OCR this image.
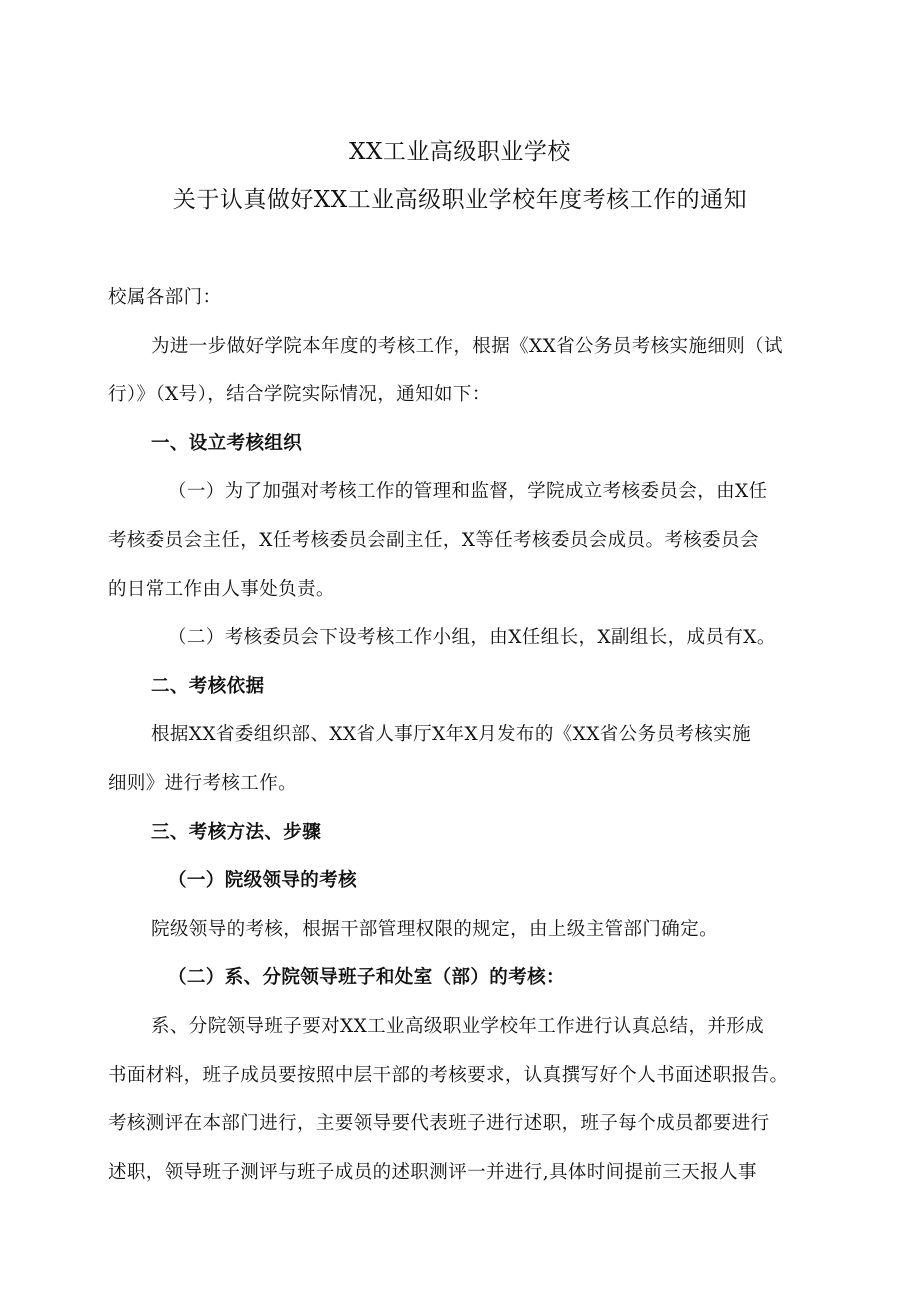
XX工业高级职业学校
关于认真做好XX工业高级职业学校年度考核工作的通知
校属各部门：
为进一步做好学院本年度的考核工作，根据《XX省公务员考核实施细则（试
行）》（X号），结合学院实际情况，通知如下：
一、设立考核组织
（一）为了加强对考核工作的管理和监督，学院成立考核委员会，由X任
考核委员会主任，X任考核委员会副主任，X等任考核委员会成员。考核委员会
的日常工作由人事处负责。
（二）考核委员会下设考核工作小组，由X任组长，X副组长，成员有X。
二、考核依据
根据XX省委组织部、XX省人事厅X年X月发布的《XX省公务员考核实施
细则》进行考核工作。
三、考核方法、步骤
（一）院级领导的考核
院级领导的考核，根据干部管理权限的规定，由上级主管部门确定。
（二）系、分院领导班子和处室（部）的考核：
系、分院领导班子要对XX工业高级职业学校年工作进行认真总结，并形成
书面材料，班子成员要按照中层干部的考核要求，认真撰写好个人书面述职报告。
考核测评在本部门进行，主要领导要代表班子进行述职，班子每个成员都要进行
述职，领导班子测评与班子成员的述职测评一并进行,具体时间提前三天报人事
